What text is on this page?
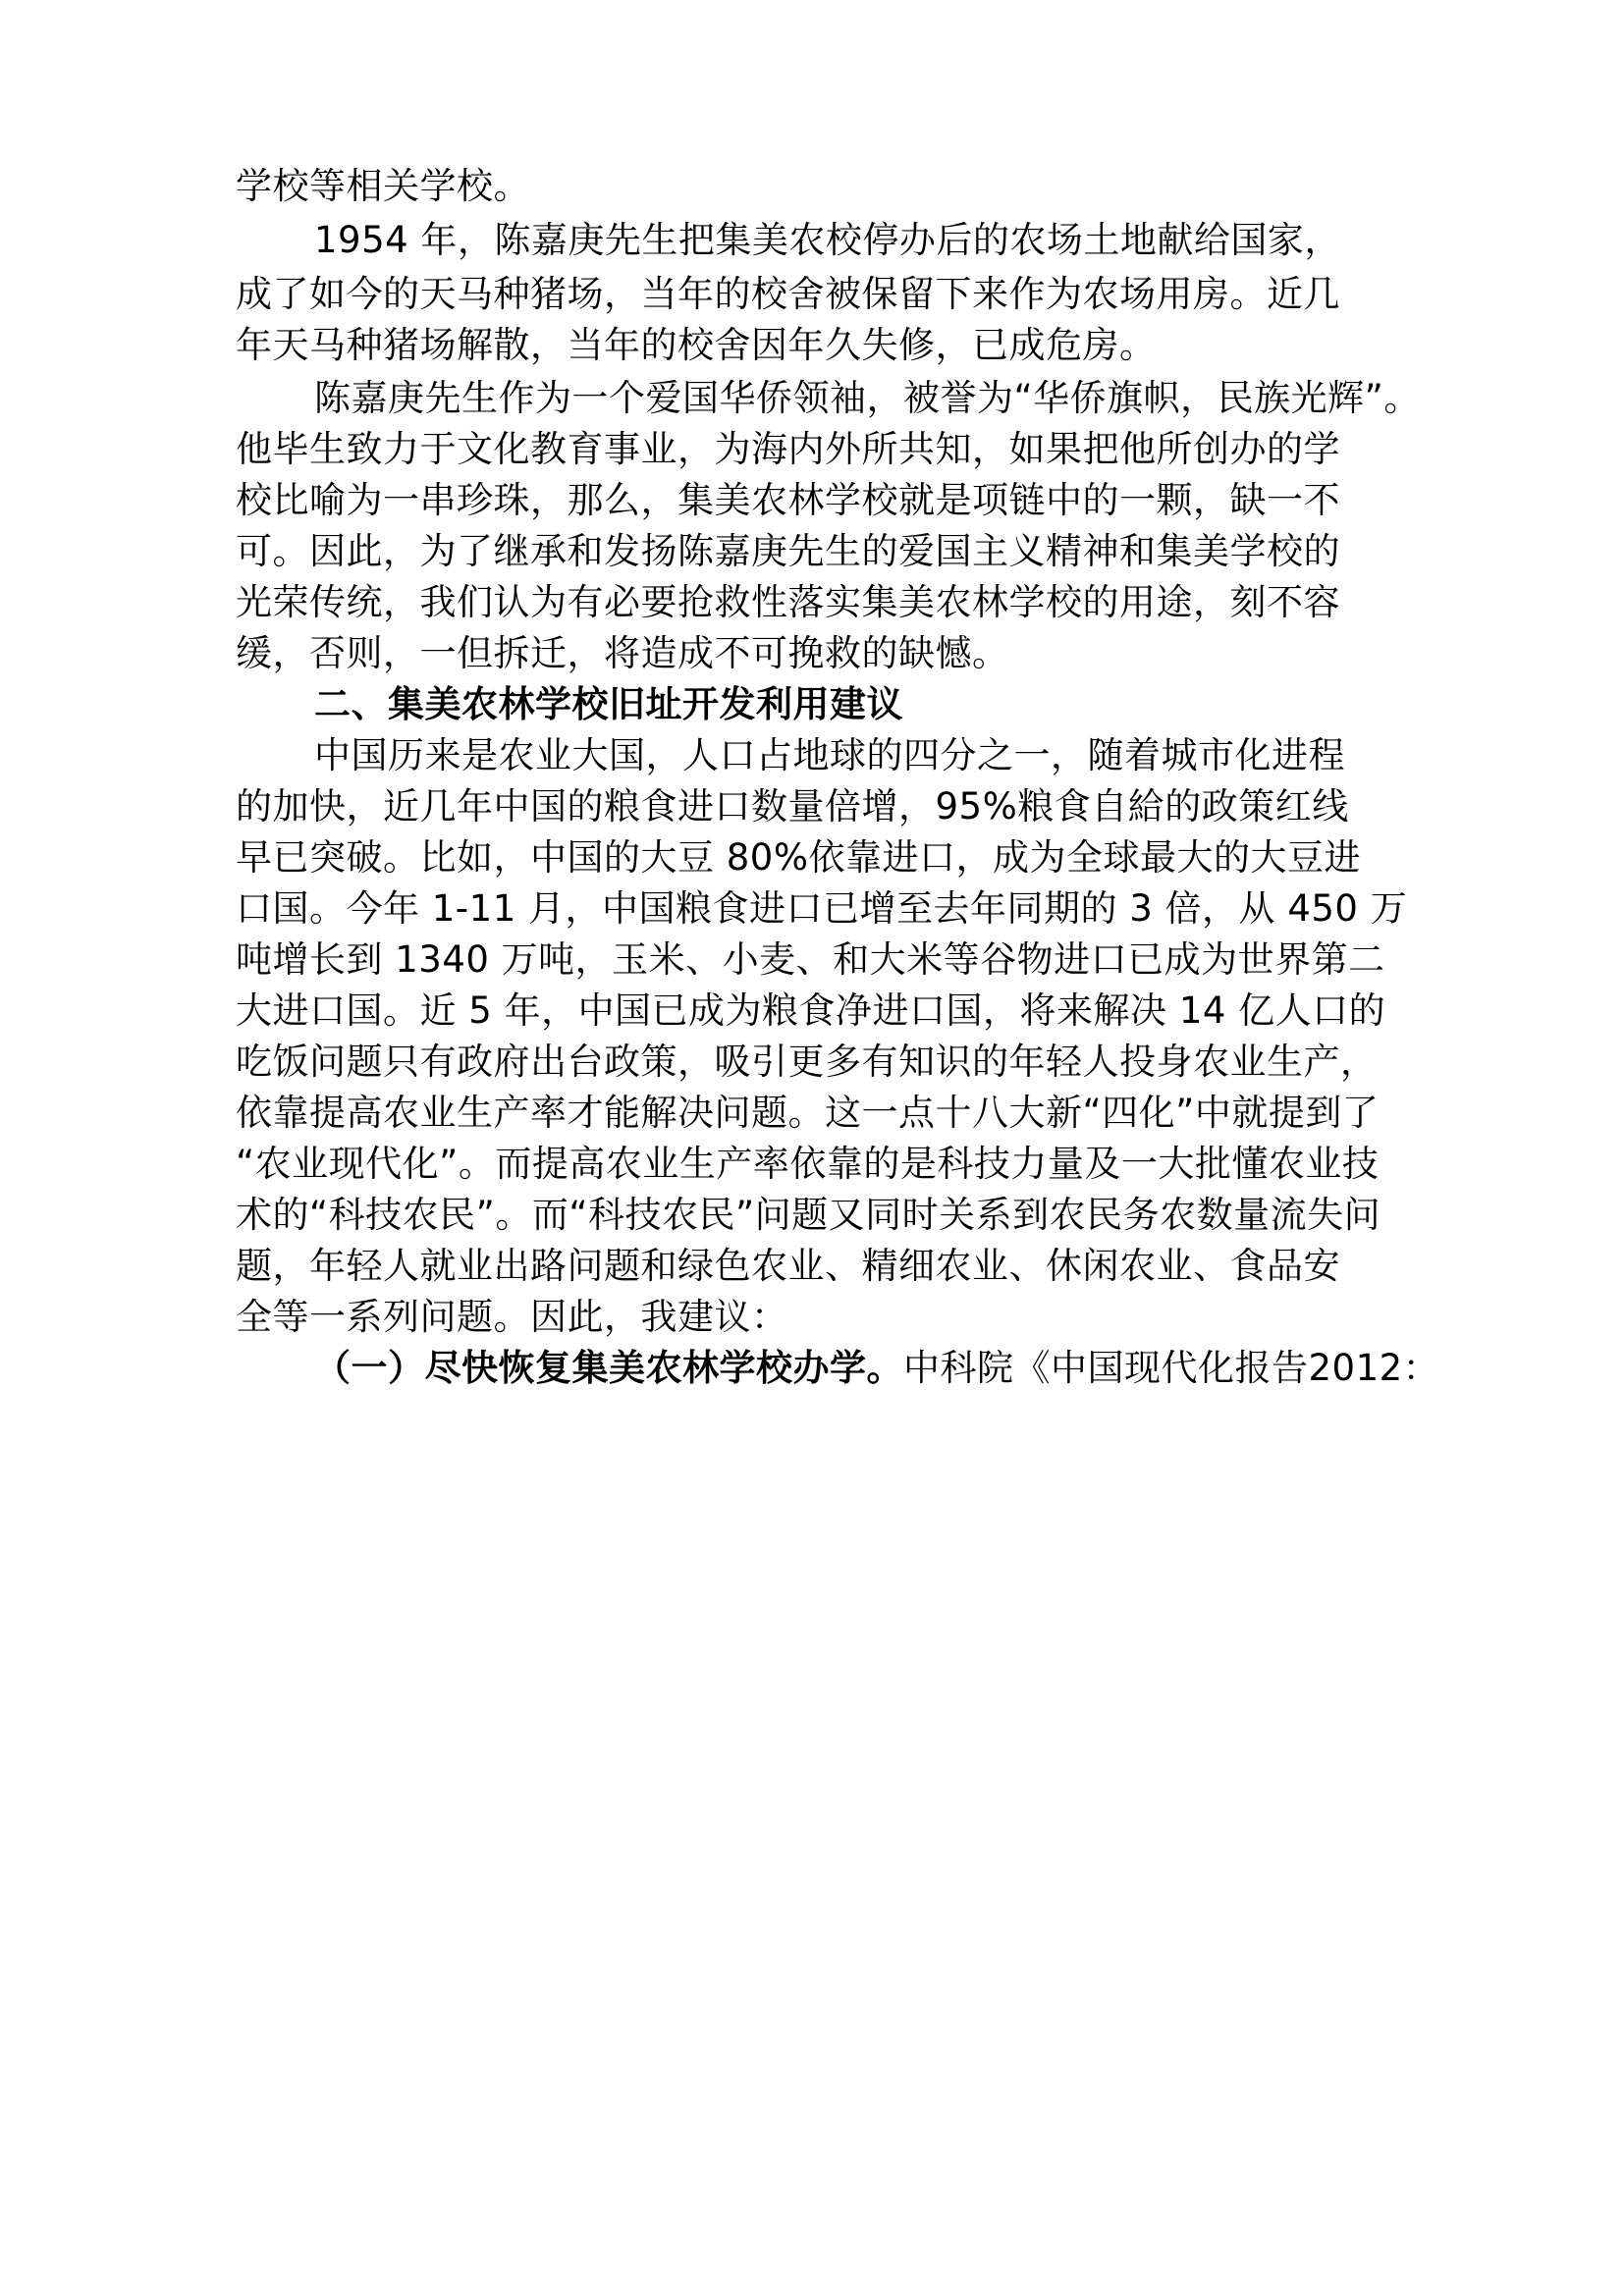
学校等相关学校。
1954 年，陈嘉庚先生把集美农校停办后的农场土地献给国家，
成了如今的天马种猪场，当年的校舍被保留下来作为农场用房。近几
年天马种猪场解散，当年的校舍因年久失修，已成危房。
陈嘉庚先生作为一个爱国华侨领袖，被誉为“华侨旗帜，民族光辉”。
他毕生致力于文化教育事业，为海内外所共知，如果把他所创办的学
校比喻为一串珍珠，那么，集美农林学校就是项链中的一颗，缺一不
可。因此，为了继承和发扬陈嘉庚先生的爱国主义精神和集美学校的
光荣传统，我们认为有必要抢救性落实集美农林学校的用途，刻不容
缓，否则，一但拆迁，将造成不可挽救的缺憾。
二、集美农林学校旧址开发利用建议
中国历来是农业大国，人口占地球的四分之一，随着城市化进程
的加快，近几年中国的粮食进口数量倍增，95%粮食自給的政策红线
早已突破。比如，中国的大豆 80%依靠进口，成为全球最大的大豆进
口国。今年 1-11 月，中国粮食进口已增至去年同期的 3 倍，从 450 万
吨增长到 1340 万吨，玉米、小麦、和大米等谷物进口已成为世界第二
大进口国。近 5 年，中国已成为粮食净进口国，将来解决 14 亿人口的
吃饭问题只有政府出台政策，吸引更多有知识的年轻人投身农业生产，
依靠提高农业生产率才能解决问题。这一点十八大新“四化”中就提到了
“农业现代化”。而提高农业生产率依靠的是科技力量及一大批懂农业技
术的“科技农民”。而“科技农民”问题又同时关系到农民务农数量流失问
题，年轻人就业出路问题和绿色农业、精细农业、休闲农业、食品安
全等一系列问题。因此，我建议：
（一）尽快恢复集美农林学校办学。中科院《中国现代化报告2012：
